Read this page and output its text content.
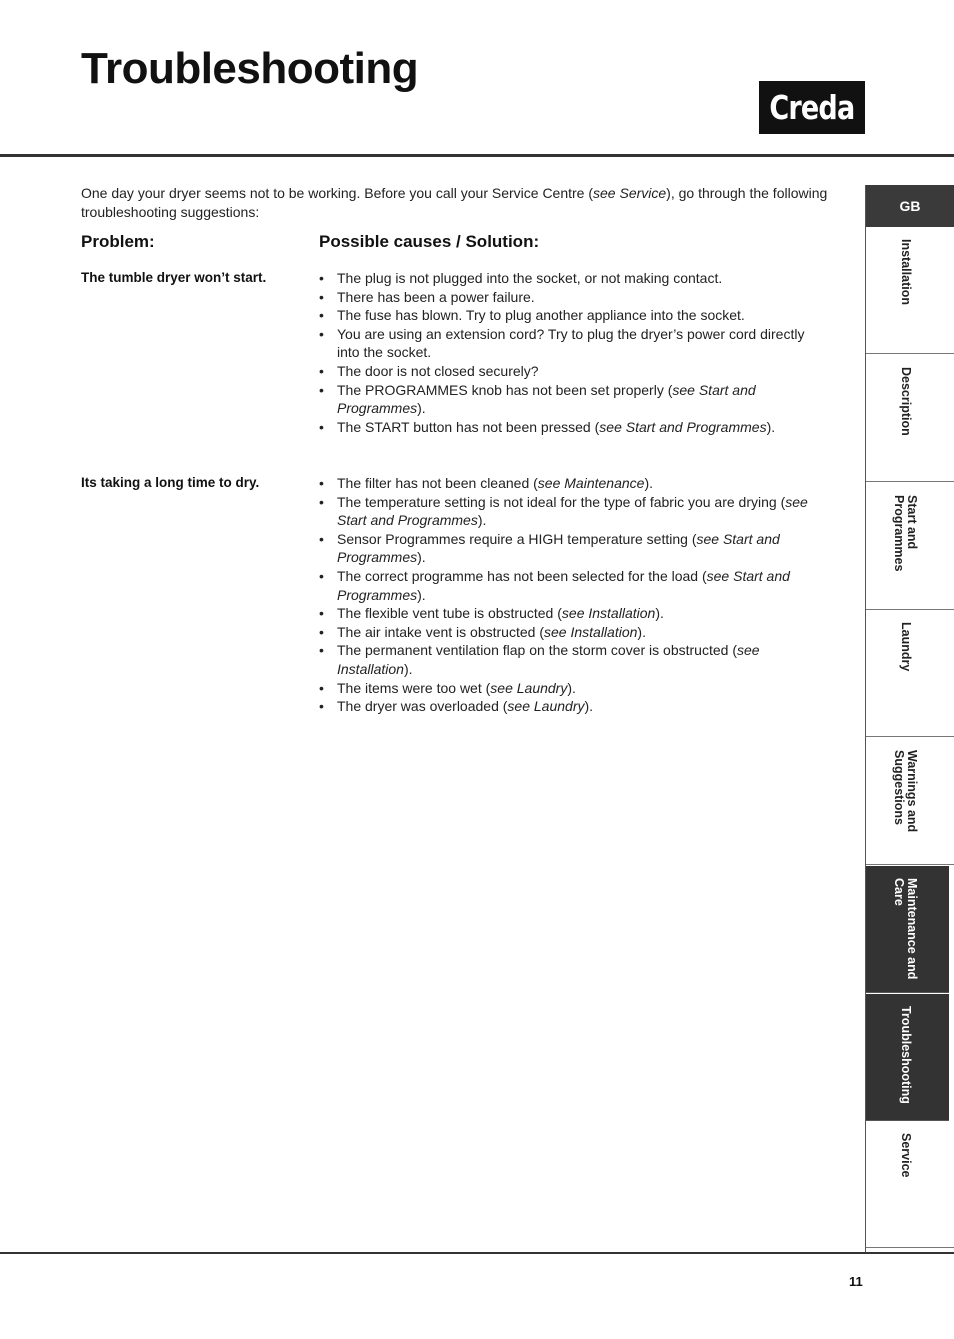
Troubleshooting
Creda

One day your dryer seems not to be working. Before you call your Service Centre (see Service), go through the following troubleshooting suggestions:

Problem:	Possible causes / Solution:

The tumble dryer won’t start.	• The plug is not plugged into the socket, or not making contact.
• There has been a power failure.
• The fuse has blown. Try to plug another appliance into the socket.
• You are using an extension cord? Try to plug the dryer’s power cord directly into the socket.
• The door is not closed securely?
• The PROGRAMMES knob has not been set properly (see Start and Programmes).
• The START button has not been pressed (see Start and Programmes).

Its taking a long time to dry.	• The filter has not been cleaned (see Maintenance).
• The temperature setting is not ideal for the type of fabric you are drying (see Start and Programmes).
• Sensor Programmes require a HIGH temperature setting (see Start and Programmes).
• The correct programme has not been selected for the load (see Start and Programmes).
• The flexible vent tube is obstructed (see Installation).
• The air intake vent is obstructed (see Installation).
• The permanent ventilation flap on the storm cover is obstructed (see Installation).
• The items were too wet (see Laundry).
• The dryer was overloaded (see Laundry).
GB
Installation
Description
Start and
Programmes
Laundry
Warnings and
Suggestions
Maintenance and
Care
Troubleshooting
Service
11
